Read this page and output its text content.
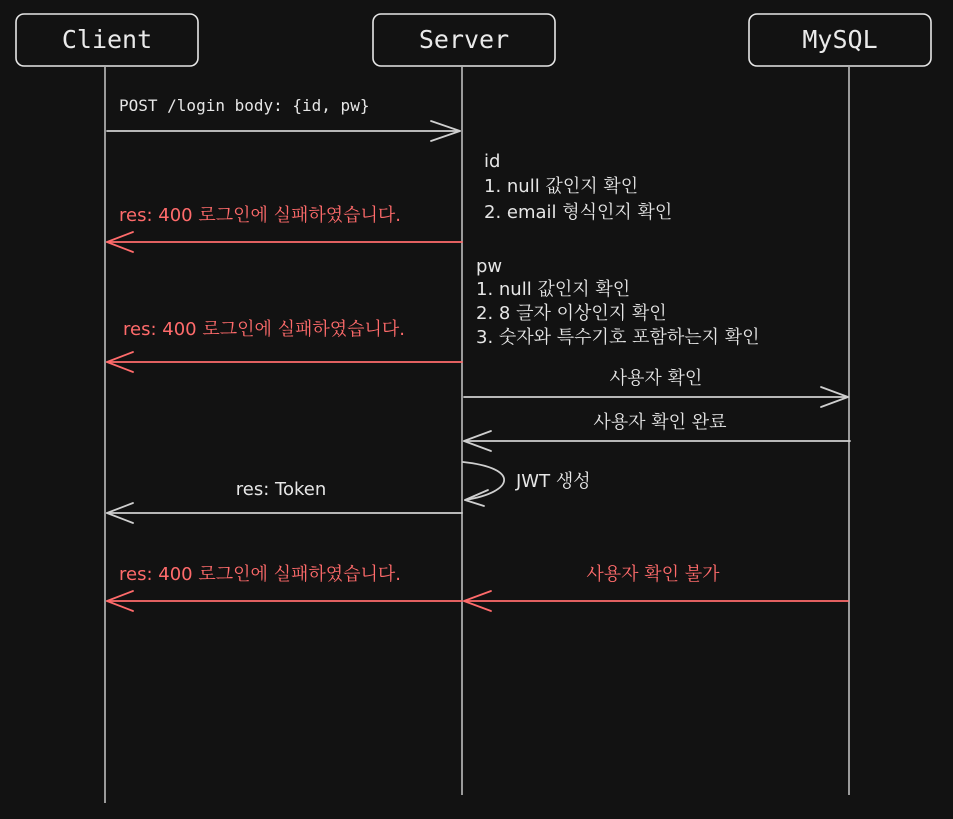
Client	Server	MySQL
POST /login body: {id, pw}
id
1. null 값인지 확인
2. email 형식인지 확인
res: 400 로그인에 실패하였습니다.
pw
1. null 값인지 확인
2. 8 글자 이상인지 확인
3. 숫자와 특수기호 포함하는지 확인
res: 400 로그인에 실패하였습니다.
사용자 확인
사용자 확인 완료
JWT 생성
res: Token
사용자 확인 불가
res: 400 로그인에 실패하였습니다.
